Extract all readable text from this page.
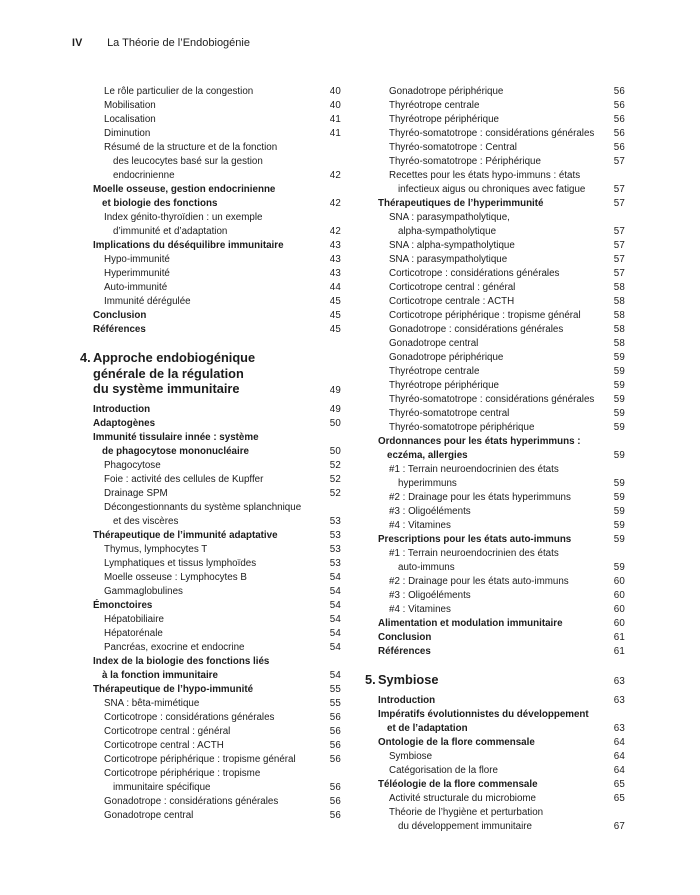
IV La Théorie de l’Endobiogénie
Le rôle particulier de la congestion	40
Mobilisation	40
Localisation	41
Diminution	41
Résumé de la structure et de la fonction
des leucocytes basé sur la gestion
endocrinienne	42
Moelle osseuse, gestion endocrinienne
et biologie des fonctions	42
Index génito-thyroïdien : un exemple
d’immunité et d’adaptation	42
Implications du déséquilibre immunitaire	43
Hypo-immunité	43
Hyperimmunité	43
Auto-immunité	44
Immunité dérégulée	45
Conclusion	45
Références	45
4. Approche endobiogénique
générale de la régulation
du système immunitaire	49
Introduction	49
Adaptogènes	50
Immunité tissulaire innée : système
de phagocytose mononucléaire	50
Phagocytose	52
Foie : activité des cellules de Kupffer	52
Drainage SPM	52
Décongestionnants du système splanchnique
et des viscères	53
Thérapeutique de l’immunité adaptative	53
Thymus, lymphocytes T	53
Lymphatiques et tissus lymphoïdes	53
Moelle osseuse : Lymphocytes B	54
Gammaglobulines	54
Émonctoires	54
Hépatobiliaire	54
Hépatorénale	54
Pancréas, exocrine et endocrine	54
Index de la biologie des fonctions liés
à la fonction immunitaire	54
Thérapeutique de l’hypo-immunité	55
SNA : bêta-mimétique	55
Corticotrope : considérations générales	56
Corticotrope central : général	56
Corticotrope central : ACTH	56
Corticotrope périphérique : tropisme général	56
Corticotrope périphérique : tropisme
immunitaire spécifique	56
Gonadotrope : considérations générales	56
Gonadotrope central	56
Gonadotrope périphérique	56
Thyréotrope centrale	56
Thyréotrope périphérique	56
Thyréo-somatotrope : considérations générales	56
Thyréo-somatotrope : Central	56
Thyréo-somatotrope : Périphérique	57
Recettes pour les états hypo-immuns : états
infectieux aigus ou chroniques avec fatigue	57
Thérapeutiques de l’hyperimmunité	57
SNA : parasympatholytique,
alpha-sympatholytique	57
SNA : alpha-sympatholytique	57
SNA : parasympatholytique	57
Corticotrope : considérations générales	57
Corticotrope central : général	58
Corticotrope centrale : ACTH	58
Corticotrope périphérique : tropisme général	58
Gonadotrope : considérations générales	58
Gonadotrope central	58
Gonadotrope périphérique	59
Thyréotrope centrale	59
Thyréotrope périphérique	59
Thyréo-somatotrope : considérations générales	59
Thyréo-somatotrope central	59
Thyréo-somatotrope périphérique	59
Ordonnances pour les états hyperimmuns :
eczéma, allergies	59
#1 : Terrain neuroendocrinien des états
hyperimmuns	59
#2 : Drainage pour les états hyperimmuns	59
#3 : Oligoéléments	59
#4 : Vitamines	59
Prescriptions pour les états auto-immuns	59
#1 : Terrain neuroendocrinien des états
auto-immuns	59
#2 : Drainage pour les états auto-immuns	60
#3 : Oligoéléments	60
#4 : Vitamines	60
Alimentation et modulation immunitaire	60
Conclusion	61
Références	61
5. Symbiose	63
Introduction	63
Impératifs évolutionnistes du développement
et de l’adaptation	63
Ontologie de la flore commensale	64
Symbiose	64
Catégorisation de la flore	64
Téléologie de la flore commensale	65
Activité structurale du microbiome	65
Théorie de l’hygiène et perturbation
du développement immunitaire	67
